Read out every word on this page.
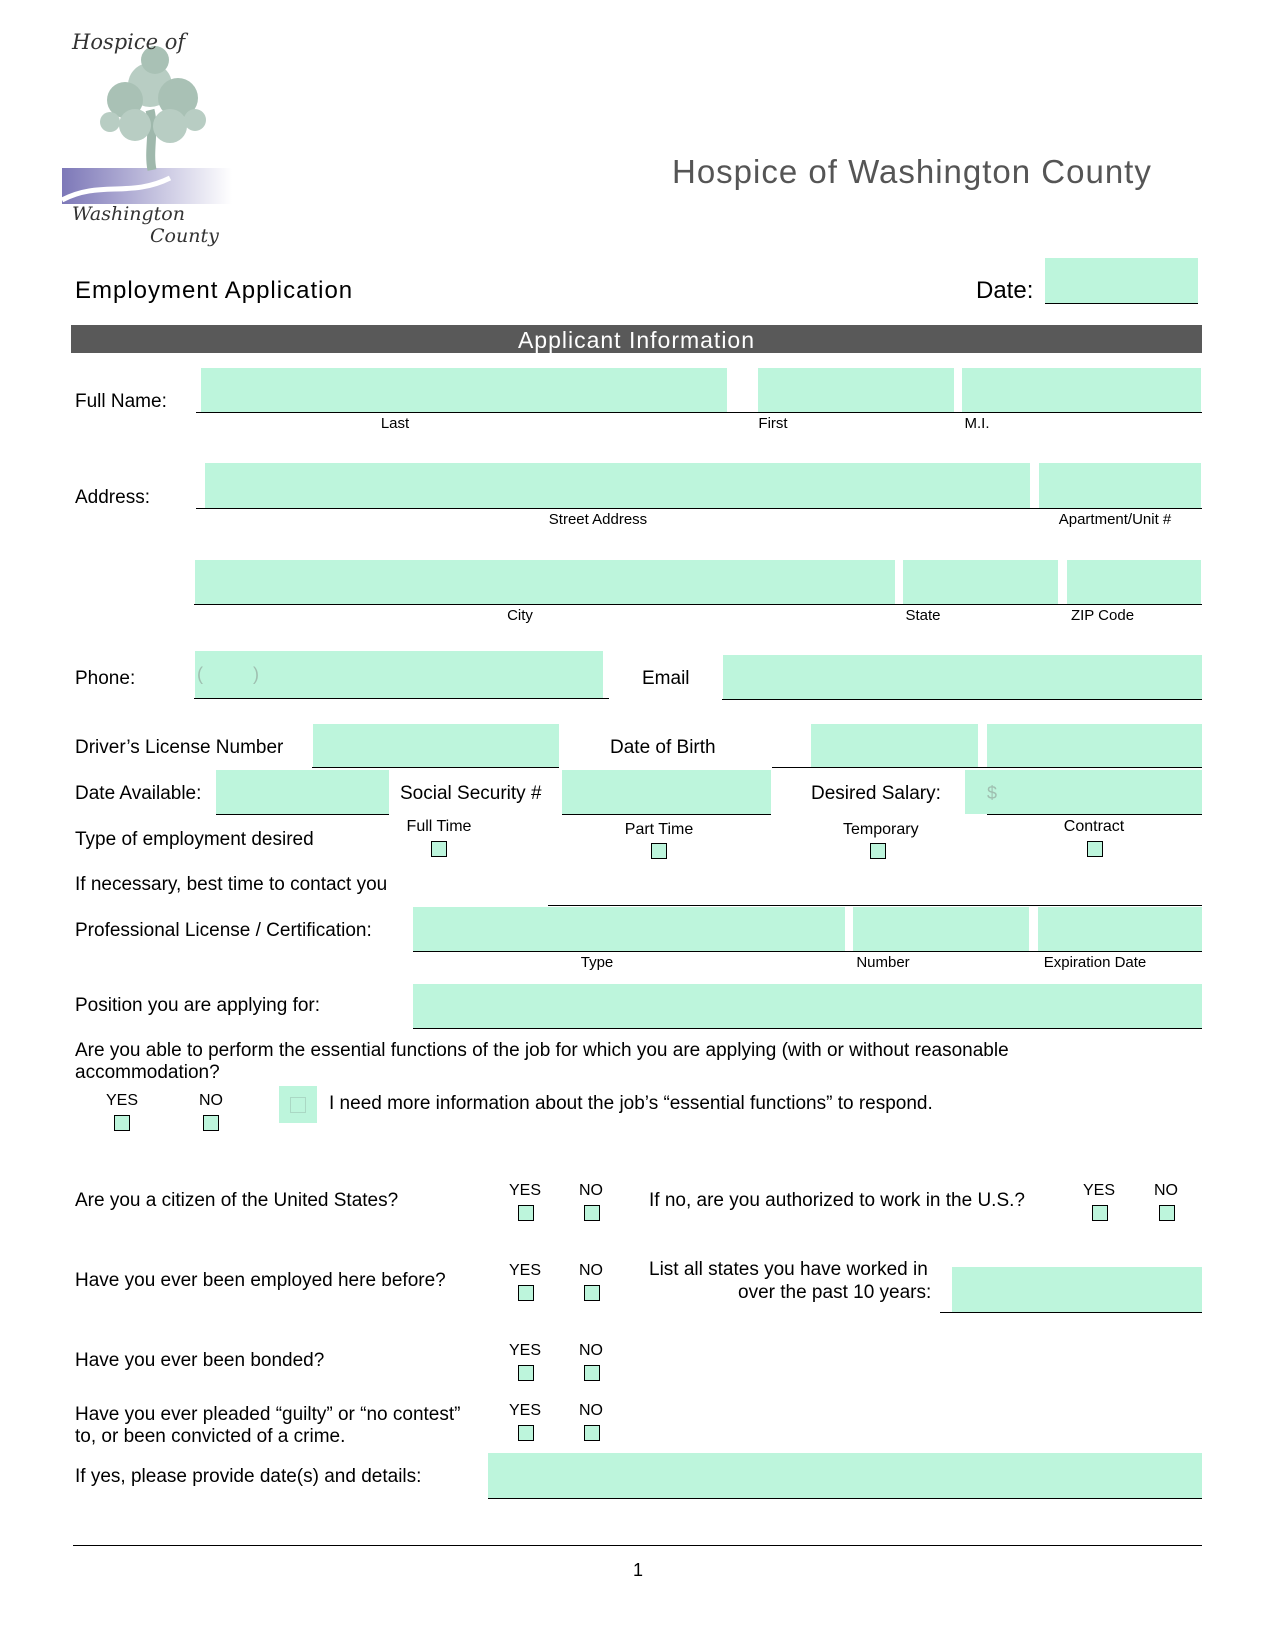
Hospice of
Washington
County
Hospice of Washington County
Employment Application	Date:
Applicant Information
Full Name:
Last	First	M.I.
Address:
Street Address	Apartment/Unit #
City	State	ZIP Code
Phone:	(          )	Email
Driver’s License Number	Date of Birth
Date Available:	Social Security #	Desired Salary:	$
Type of employment desired
Full Time	Part Time	Temporary	Contract
If necessary, best time to contact you
Professional License / Certification:
Type	Number	Expiration Date
Position you are applying for:
Are you able to perform the essential functions of the job for which you are applying (with or without reasonable
accommodation?
YES	NO	I need more information about the job’s “essential functions” to respond.
Are you a citizen of the United States?	YES	NO	If no, are you authorized to work in the U.S.?	YES	NO
Have you ever been employed here before?	YES	NO	List all states you have worked in
over the past 10 years:
Have you ever been bonded?	YES	NO
Have you ever pleaded “guilty” or “no contest”
to, or been convicted of a crime.
YES	NO
If yes, please provide date(s) and details:
1
